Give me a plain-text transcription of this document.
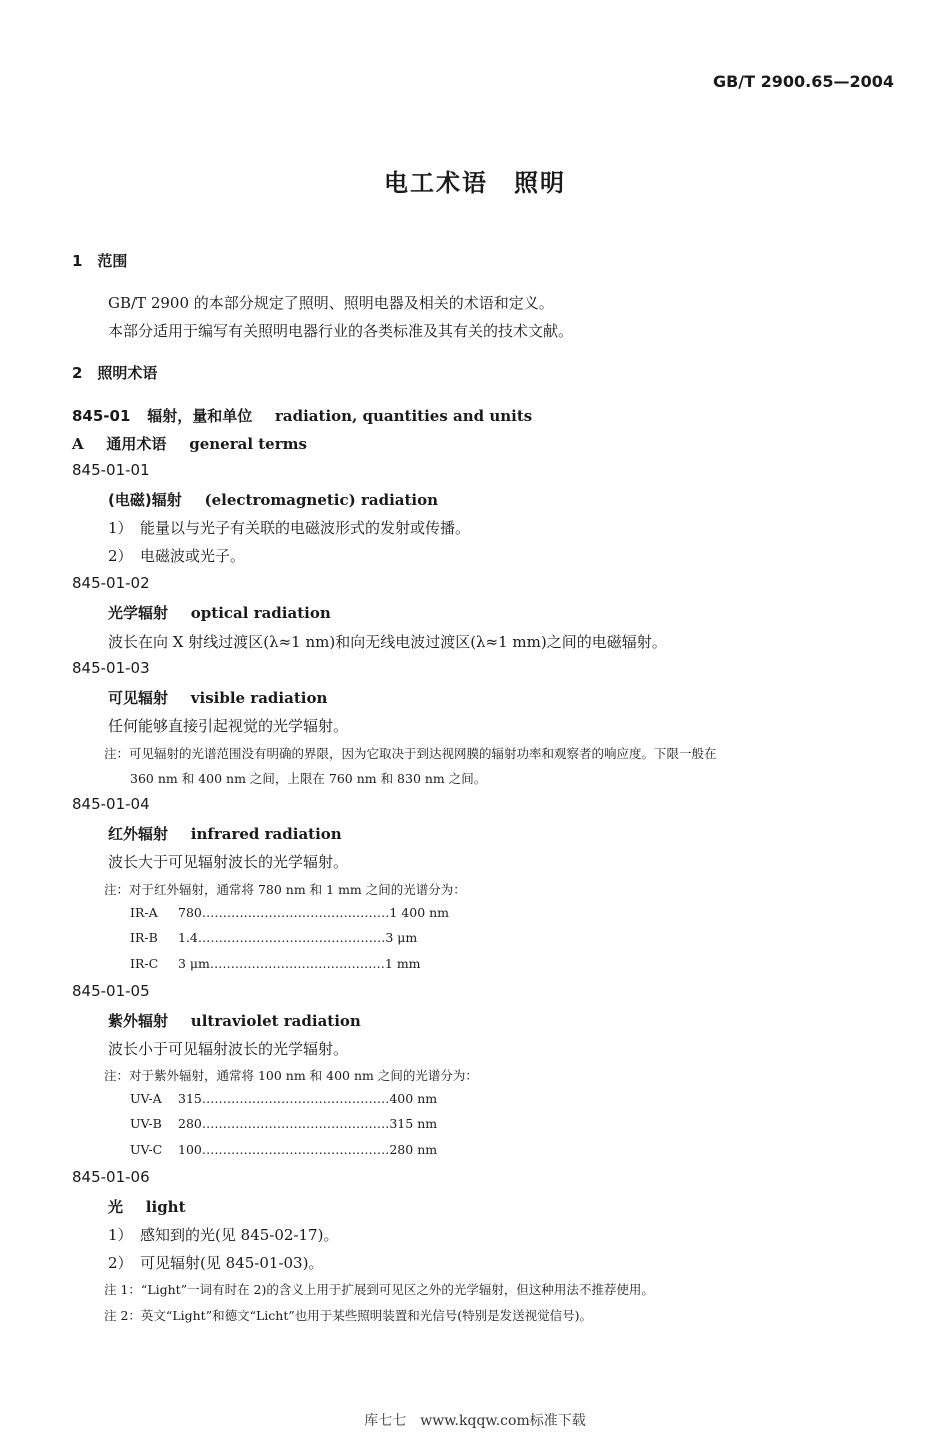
GB/T 2900.65—2004
电工术语　照明
1　范围
GB/T 2900 的本部分规定了照明、照明电器及相关的术语和定义。
本部分适用于编写有关照明电器行业的各类标准及其有关的技术文献。
2　照明术语
845-01 辐射，量和单位 radiation, quantities and units
A 通用术语 general terms
845-01-01
(电磁)辐射 (electromagnetic) radiation
1）　能量以与光子有关联的电磁波形式的发射或传播。
2）　电磁波或光子。
845-01-02
光学辐射 optical radiation
波长在向 X 射线过渡区(λ≈1 nm)和向无线电波过渡区(λ≈1 mm)之间的电磁辐射。
845-01-03
可见辐射 visible radiation
任何能够直接引起视觉的光学辐射。
注：可见辐射的光谱范围没有明确的界限，因为它取决于到达视网膜的辐射功率和观察者的响应度。下限一般在
360 nm 和 400 nm 之间，上限在 760 nm 和 830 nm 之间。
845-01-04
红外辐射 infrared radiation
波长大于可见辐射波长的光学辐射。
注：对于红外辐射，通常将 780 nm 和 1 mm 之间的光谱分为：
IR-A 780………………………………………1 400 nm
IR-B 1.4………………………………………3 μm
IR-C 3 μm……………………………………1 mm
845-01-05
紫外辐射 ultraviolet radiation
波长小于可见辐射波长的光学辐射。
注：对于紫外辐射，通常将 100 nm 和 400 nm 之间的光谱分为：
UV-A 315………………………………………400 nm
UV-B 280………………………………………315 nm
UV-C 100………………………………………280 nm
845-01-06
光 light
1）　感知到的光(见 845-02-17)。
2）　可见辐射(见 845-01-03)。
注 1：“Light”一词有时在 2)的含义上用于扩展到可见区之外的光学辐射，但这种用法不推荐使用。
注 2：英文“Light”和德文“Licht”也用于某些照明装置和光信号(特别是发送视觉信号)。
库七七　www.kqqw.com标准下载
